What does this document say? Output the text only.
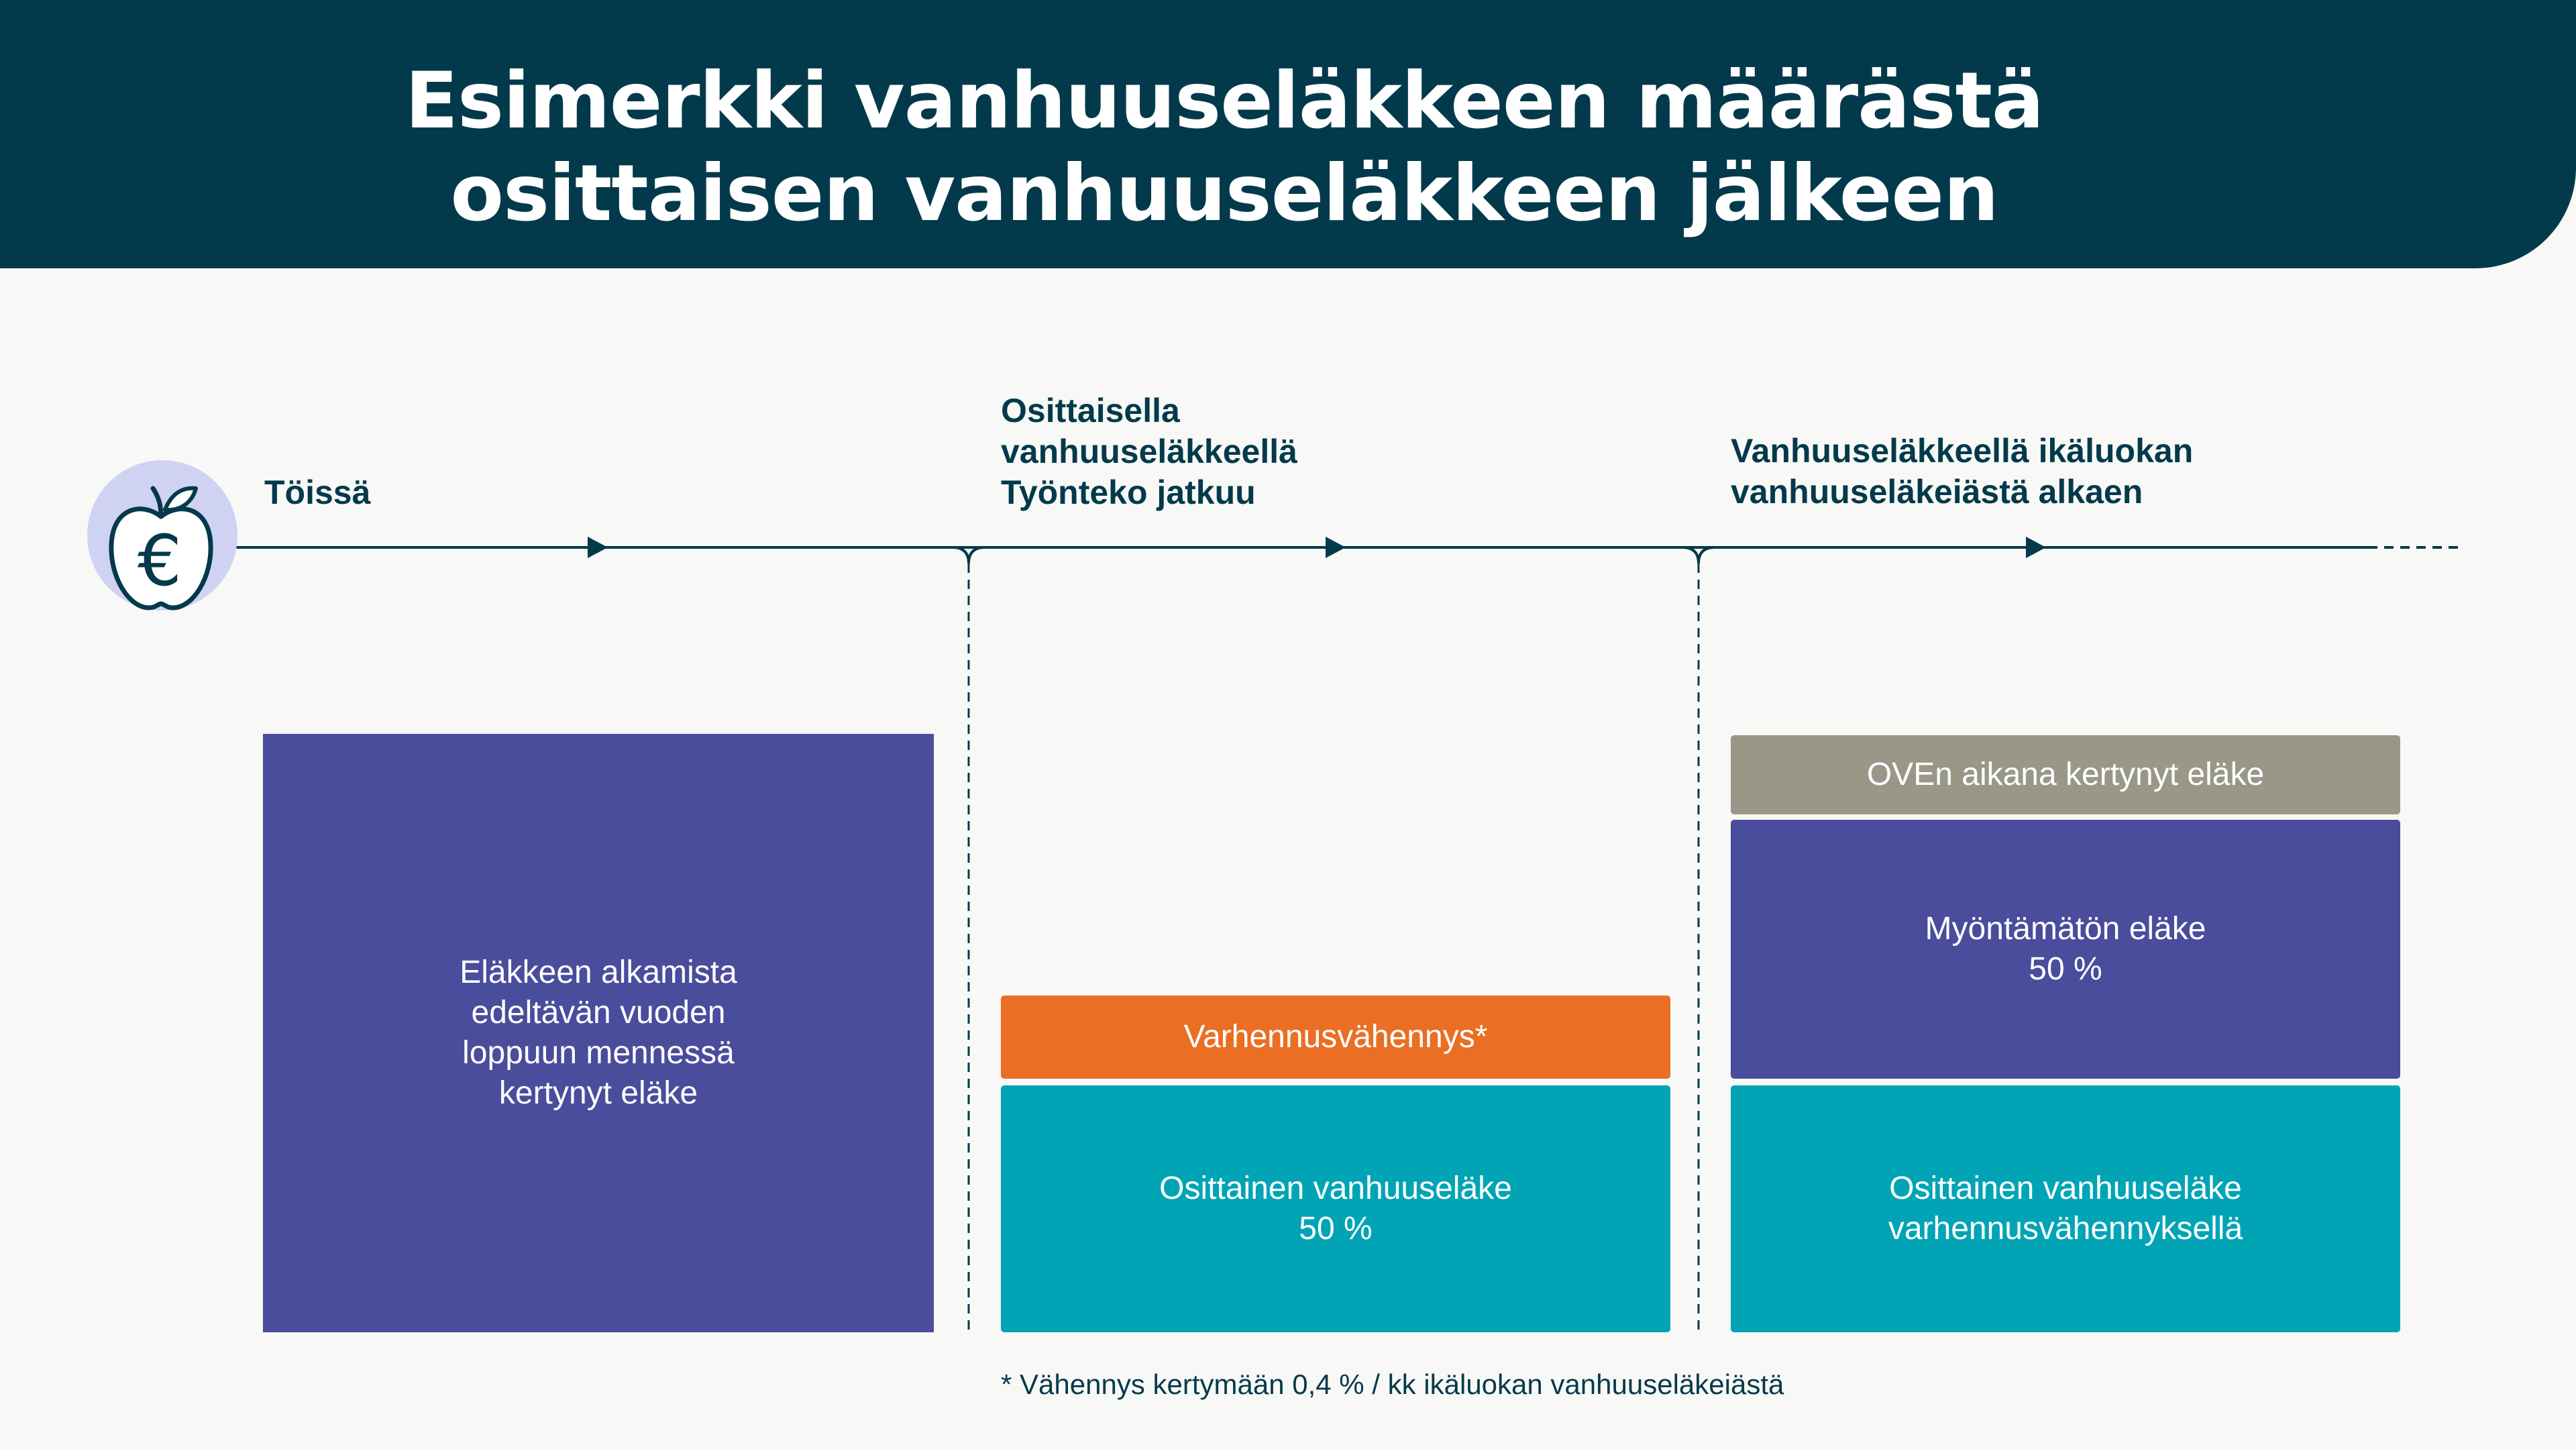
Esimerkki vanhuuseläkkeen määrästä
osittaisen vanhuuseläkkeen jälkeen
€
Töissä
Osittaisella
vanhuuseläkkeellä
Työnteko jatkuu
Vanhuuseläkkeellä ikäluokan
vanhuuseläkeiästä alkaen
Eläkkeen alkamista
edeltävän vuoden
loppuun mennessä
kertynyt eläke
Varhennusvähennys*
Osittainen vanhuuseläke
50 %
OVEn aikana kertynyt eläke
Myöntämätön eläke
50 %
Osittainen vanhuuseläke
varhennusvähennyksellä
* Vähennys kertymään 0,4 % / kk ikäluokan vanhuuseläkeiästä
